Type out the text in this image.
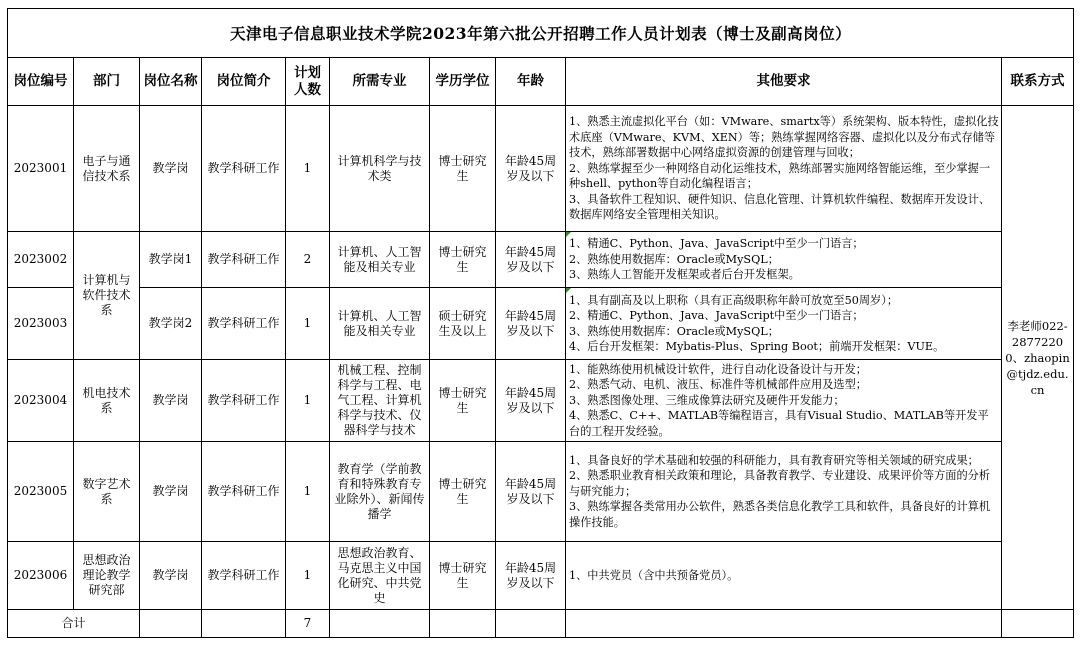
天津电子信息职业技术学院2023年第六批公开招聘工作人员计划表（博士及副高岗位）									
岗位编号	部门	岗位名称	岗位简介	计划人数	所需专业	学历学位	年龄	其他要求	联系方式
2023001	电子与通信技术系	教学岗	教学科研工作	1	计算机科学与技术类	博士研究生	年龄45周岁及以下	1、熟悉主流虚拟化平台（如：VMware、smartx等）系统架构、版本特性，虚拟化技术底座（VMware、KVM、XEN）等；熟练掌握网络容器、虚拟化以及分布式存储等技术，熟练部署数据中心网络虚拟资源的创建管理与回收；
2、熟练掌握至少一种网络自动化运维技术，熟练部署实施网络智能运维，至少掌握一种shell、python等自动化编程语言；
3、具备软件工程知识、硬件知识、信息化管理、计算机软件编程、数据库开发设计、数据库网络安全管理相关知识。	李老师022-28772200、zhaopin@tjdz.edu.cn
2023002	计算机与软件技术系	教学岗1	教学科研工作	2	计算机、人工智能及相关专业	博士研究生	年龄45周岁及以下	1、精通C、Python、Java、JavaScript中至少一门语言；
2、熟练使用数据库：Oracle或MySQL；
3、熟练人工智能开发框架或者后台开发框架。	

2023003		教学岗2	教学科研工作	1	计算机、人工智能及相关专业	硕士研究生及以上	年龄45周岁及以下	1、具有副高及以上职称（具有正高级职称年龄可放宽至50周岁）；
2、精通C、Python、Java、JavaScript中至少一门语言；
3、熟练使用数据库：Oracle或MySQL；
4、后台开发框架：Mybatis-Plus、Spring Boot；前端开发框架：VUE。	

2023004	机电技术系	教学岗	教学科研工作	1	机械工程、控制科学与工程、电气工程、计算机科学与技术、仪器科学与技术	博士研究生	年龄45周岁及以下	1、能熟练使用机械设计软件，进行自动化设备设计与开发；
2、熟悉气动、电机、液压、标准件等机械部件应用及选型；
3、熟悉图像处理、三维成像算法研究及硬件开发能力；
4、熟悉C、C++、MATLAB等编程语言，具有Visual Studio、MATLAB等开发平台的工程开发经验。	

2023005	数字艺术系	教学岗	教学科研工作	1	教育学（学前教育和特殊教育专业除外）、新闻传播学	博士研究生	年龄45周岁及以下	1、具备良好的学术基础和较强的科研能力，具有教育研究等相关领域的研究成果；
2、熟悉职业教育相关政策和理论，具备教育教学、专业建设、成果评价等方面的分析与研究能力；
3、熟练掌握各类常用办公软件，熟悉各类信息化教学工具和软件，具备良好的计算机操作技能。	

2023006	思想政治理论教学研究部	教学岗	教学科研工作	1	思想政治教育、马克思主义中国化研究、中共党史	博士研究生	年龄45周岁及以下	1、中共党员（含中共预备党员）。	

合计				7					
